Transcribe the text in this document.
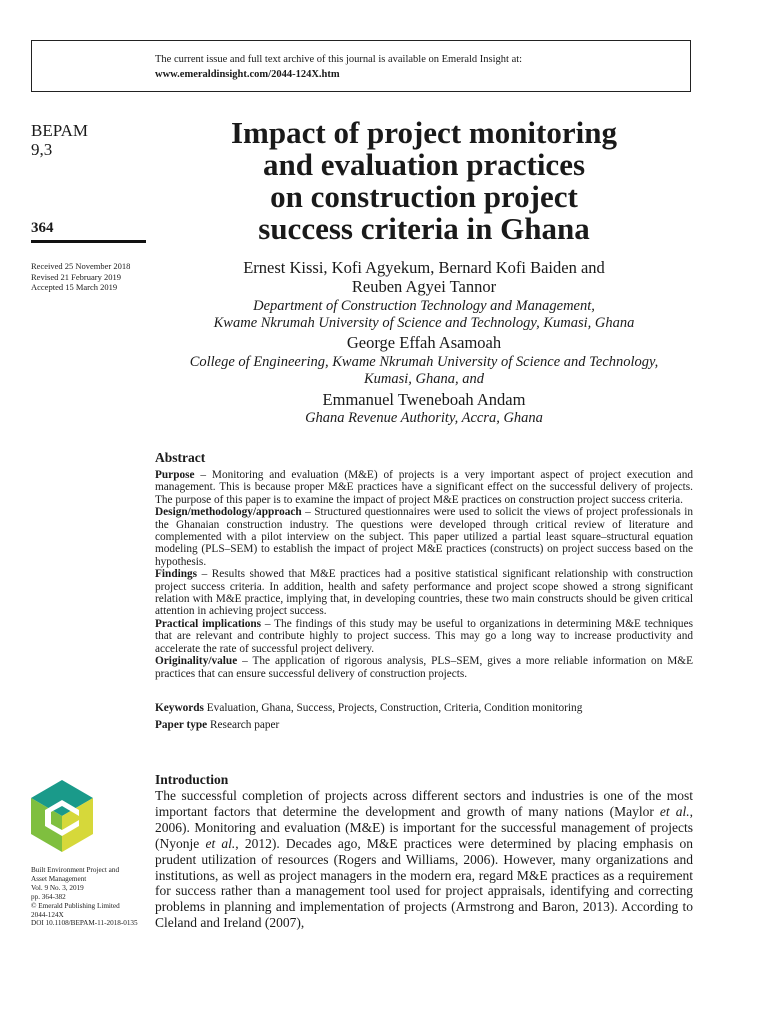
The current issue and full text archive of this journal is available on Emerald Insight at:
www.emeraldinsight.com/2044-124X.htm
BEPAM
9,3
364
Received 25 November 2018
Revised 21 February 2019
Accepted 15 March 2019
Impact of project monitoring
and evaluation practices
on construction project
success criteria in Ghana
Ernest Kissi, Kofi Agyekum, Bernard Kofi Baiden and
Reuben Agyei Tannor
Department of Construction Technology and Management,
Kwame Nkrumah University of Science and Technology, Kumasi, Ghana
George Effah Asamoah
College of Engineering, Kwame Nkrumah University of Science and Technology,
Kumasi, Ghana, and
Emmanuel Tweneboah Andam
Ghana Revenue Authority, Accra, Ghana
Abstract

Purpose – Monitoring and evaluation (M&E) of projects is a very important aspect of project execution and management. This is because proper M&E practices have a significant effect on the successful delivery of projects. The purpose of this paper is to examine the impact of project M&E practices on construction project success criteria.

Design/methodology/approach – Structured questionnaires were used to solicit the views of project professionals in the Ghanaian construction industry. The questions were developed through critical review of literature and complemented with a pilot interview on the subject. This paper utilized a partial least square–structural equation modeling (PLS–SEM) to establish the impact of project M&E practices (constructs) on project success based on the hypothesis.

Findings – Results showed that M&E practices had a positive statistical significant relationship with construction project success criteria. In addition, health and safety performance and project scope showed a strong significant relation with M&E practice, implying that, in developing countries, these two main constructs should be given critical attention in achieving project success.

Practical implications – The findings of this study may be useful to organizations in determining M&E techniques that are relevant and contribute highly to project success. This may go a long way to increase productivity and accelerate the rate of successful project delivery.

Originality/value – The application of rigorous analysis, PLS–SEM, gives a more reliable information on M&E practices that can ensure successful delivery of construction projects.

Keywords Evaluation, Ghana, Success, Projects, Construction, Criteria, Condition monitoring
Paper type Research paper
Introduction
The successful completion of projects across different sectors and industries is one of the most important factors that determine the development and growth of many nations (Maylor et al., 2006). Monitoring and evaluation (M&E) is important for the successful management of projects (Nyonje et al., 2012). Decades ago, M&E practices were determined by placing emphasis on prudent utilization of resources (Rogers and Williams, 2006). However, many organizations and institutions, as well as project managers in the modern era, regard M&E practices as a requirement for success rather than a management tool used for project appraisals, identifying and correcting problems in planning and implementation of projects (Armstrong and Baron, 2013). According to Cleland and Ireland (2007),
Built Environment Project and
Asset Management
Vol. 9 No. 3, 2019
pp. 364-382
© Emerald Publishing Limited
2044-124X
DOI 10.1108/BEPAM-11-2018-0135
